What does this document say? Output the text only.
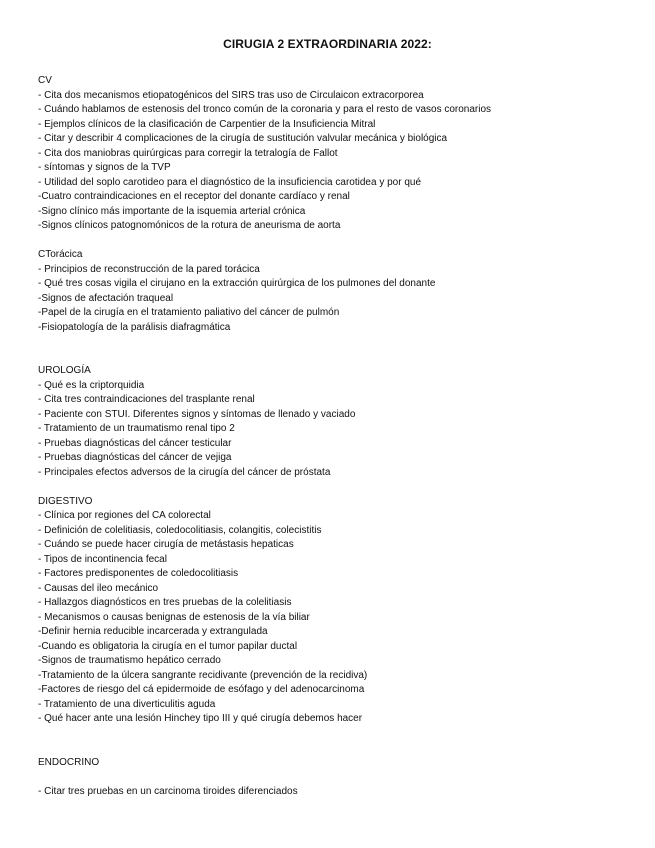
CIRUGIA 2 EXTRAORDINARIA 2022:

CV

- Cita dos mecanismos etiopatogénicos del SIRS tras uso de Circulaicon extracorporea

- Cuándo hablamos de estenosis del tronco común de la coronaria y para el resto de vasos coronarios

- Ejemplos clínicos de la clasificación de Carpentier de la Insuficiencia Mitral

- Citar y describir 4 complicaciones de la cirugía de sustitución valvular mecánica y biológica

- Cita dos maniobras quirúrgicas para corregir la tetralogía de Fallot

- síntomas y signos de la TVP

- Utilidad del soplo carotideo para el diagnóstico de la insuficiencia carotidea y por qué

-Cuatro contraindicaciones en el receptor del donante cardíaco y renal

-Signo clínico más importante de la isquemia arterial crónica

-Signos clínicos patognomónicos de la rotura de aneurisma de aorta

CTorácica

- Principios de reconstrucción de la pared torácica

- Qué tres cosas vigila el cirujano en la extracción quirúrgica de los pulmones del donante

-Signos de afectación traqueal

-Papel de la cirugía en el tratamiento paliativo del cáncer de pulmón

-Fisiopatología de la parálisis diafragmática

UROLOGÍA

- Qué es la criptorquidia

- Cita tres contraindicaciones del trasplante renal

- Paciente con STUI. Diferentes signos y síntomas de llenado y vaciado

- Tratamiento de un traumatismo renal tipo 2

- Pruebas diagnósticas del cáncer testicular

- Pruebas diagnósticas del cáncer de vejiga

- Principales efectos adversos de la cirugía del cáncer de próstata

DIGESTIVO

- Clínica por regiones del CA colorectal

- Definición de colelitiasis, coledocolitiasis, colangitis, colecistitis

- Cuándo se puede hacer cirugía de metástasis hepaticas

- Tipos de incontinencia fecal

- Factores predisponentes de coledocolitiasis

- Causas del ileo mecánico

- Hallazgos diagnósticos en tres pruebas de la colelitiasis

- Mecanismos o causas benignas de estenosis de la vía biliar

-Definir hernia reducible incarcerada y extrangulada

-Cuando es obligatoria la cirugía en el tumor papilar ductal

-Signos de traumatismo hepático cerrado

-Tratamiento de la úlcera sangrante recidivante (prevención de la recidiva)

-Factores de riesgo del cá epidermoide de esófago y del adenocarcinoma

- Tratamiento de una diverticulitis aguda

- Qué hacer ante una lesión Hinchey tipo III y qué cirugía debemos hacer

ENDOCRINO

- Citar tres pruebas en un carcinoma tiroides diferenciados
